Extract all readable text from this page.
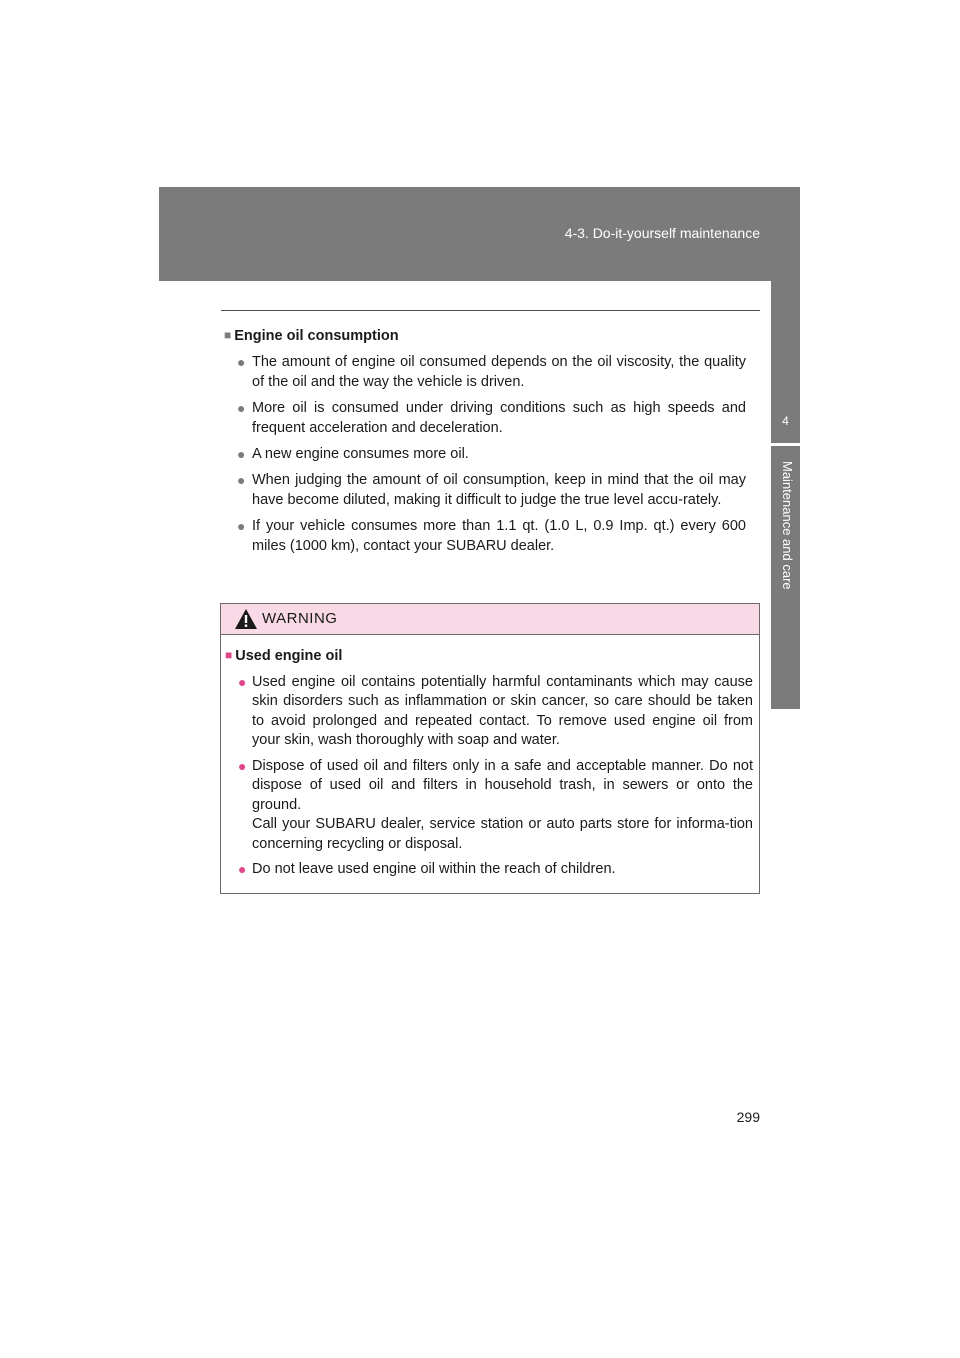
4-3. Do-it-yourself maintenance
4
Maintenance and care
■ Engine oil consumption
● The amount of engine oil consumed depends on the oil viscosity, the quality of the oil and the way the vehicle is driven.
● More oil is consumed under driving conditions such as high speeds and frequent acceleration and deceleration.
● A new engine consumes more oil.
● When judging the amount of oil consumption, keep in mind that the oil may have become diluted, making it difficult to judge the true level accu-rately.
● If your vehicle consumes more than 1.1 qt. (1.0 L, 0.9 Imp. qt.) every 600 miles (1000 km), contact your SUBARU dealer.
WARNING
■ Used engine oil
● Used engine oil contains potentially harmful contaminants which may cause skin disorders such as inflammation or skin cancer, so care should be taken to avoid prolonged and repeated contact. To remove used engine oil from your skin, wash thoroughly with soap and water.
● Dispose of used oil and filters only in a safe and acceptable manner. Do not dispose of used oil and filters in household trash, in sewers or onto the ground.
Call your SUBARU dealer, service station or auto parts store for informa-tion concerning recycling or disposal.
● Do not leave used engine oil within the reach of children.
299
